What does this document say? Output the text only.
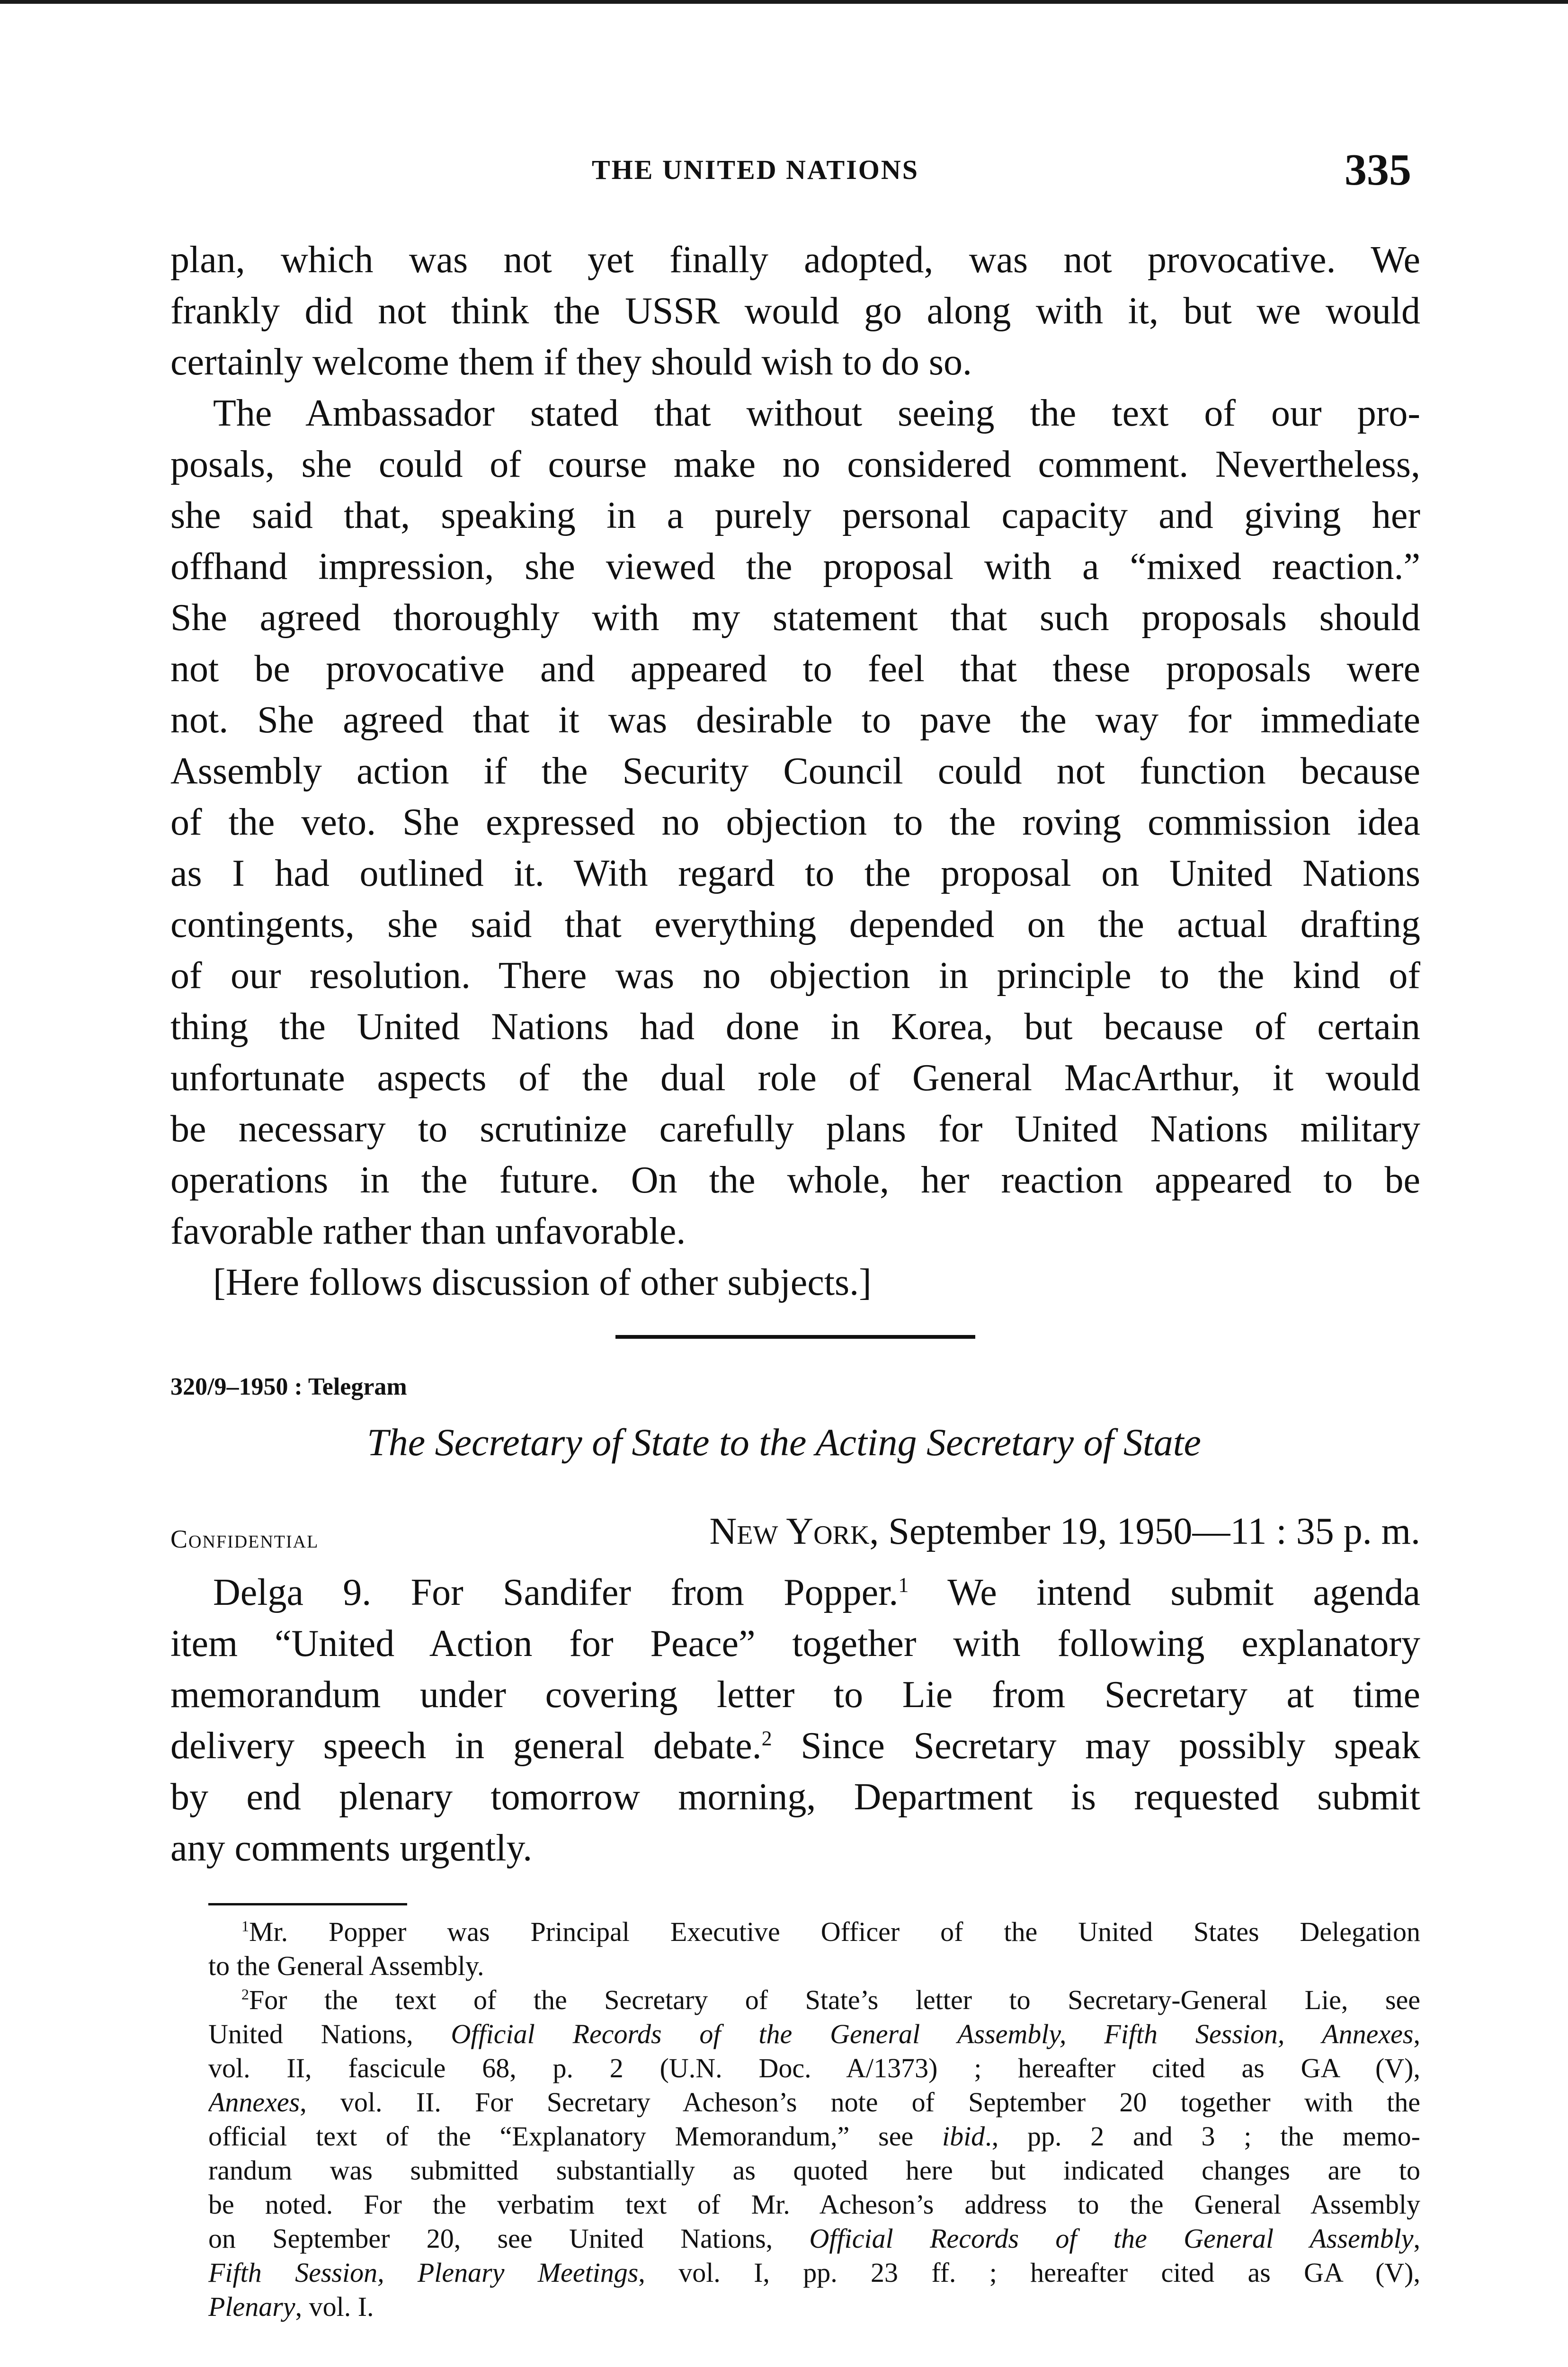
THE UNITED NATIONS	335
plan, which was not yet finally adopted, was not provocative. We
frankly did not think the USSR would go along with it, but we would
certainly welcome them if they should wish to do so.
The Ambassador stated that without seeing the text of our pro-
posals, she could of course make no considered comment. Nevertheless,
she said that, speaking in a purely personal capacity and giving her
offhand impression, she viewed the proposal with a “mixed reaction.”
She agreed thoroughly with my statement that such proposals should
not be provocative and appeared to feel that these proposals were
not. She agreed that it was desirable to pave the way for immediate
Assembly action if the Security Council could not function because
of the veto. She expressed no objection to the roving commission idea
as I had outlined it. With regard to the proposal on United Nations
contingents, she said that everything depended on the actual drafting
of our resolution. There was no objection in principle to the kind of
thing the United Nations had done in Korea, but because of certain
unfortunate aspects of the dual role of General MacArthur, it would
be necessary to scrutinize carefully plans for United Nations military
operations in the future. On the whole, her reaction appeared to be
favorable rather than unfavorable.
[Here follows discussion of other subjects.]
320/9–1950 : Telegram
The Secretary of State to the Acting Secretary of State
Confidential	New York, September 19, 1950—11 : 35 p. m.
Delga 9. For Sandifer from Popper.$^1$ We intend submit agenda
item “United Action for Peace” together with following explanatory
memorandum under covering letter to Lie from Secretary at time
delivery speech in general debate.$^2$ Since Secretary may possibly speak
by end plenary tomorrow morning, Department is requested submit
any comments urgently.
$^1$Mr. Popper was Principal Executive Officer of the United States Delegation
to the General Assembly.
$^2$For the text of the Secretary of State’s letter to Secretary-General Lie, see
United Nations, Official Records of the General Assembly, Fifth Session, Annexes,
vol. II, fascicule 68, p. 2 (U.N. Doc. A/1373) ; hereafter cited as GA (V),
Annexes, vol. II. For Secretary Acheson’s note of September 20 together with the
official text of the “Explanatory Memorandum,” see ibid., pp. 2 and 3 ; the memo-
randum was submitted substantially as quoted here but indicated changes are to
be noted. For the verbatim text of Mr. Acheson’s address to the General Assembly
on September 20, see United Nations, Official Records of the General Assembly,
Fifth Session, Plenary Meetings, vol. I, pp. 23 ff. ; hereafter cited as GA (V),
Plenary, vol. I.
